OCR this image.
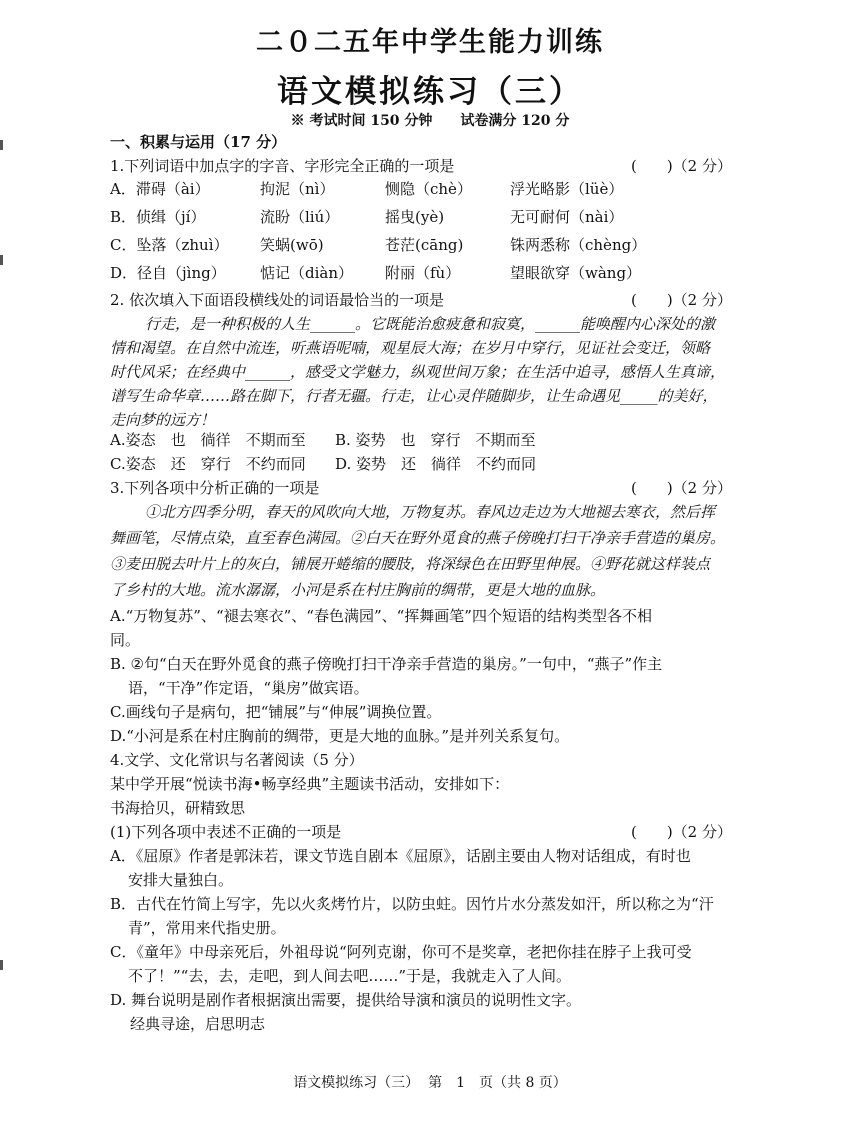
二０二五年中学生能力训练
语文模拟练习（三）
※ 考试时间 150 分钟　　试卷满分 120 分
一、积累与运用（17 分）
1.下列词语中加点字的字音、字形完全正确的一项是	(　　)（2 分）
A．滞碍（ài）	拘泥（nì）	恻隐（chè）	浮光略影（lüè）
B．侦缉（jí）	流盼（liú）	摇曳(yè)	无可耐何（nài）
C．坠落（zhuì） 笑蜗(wō)	苍茫(cāng)	铢两悉称（chèng）
D．径自（jìng） 惦记（diàn） 附丽（fù）	望眼欲穿（wàng）
2. 依次填入下面语段横线处的词语最恰当的一项是	(　　)（2 分）
行走，是一种积极的人生______。它既能治愈疲惫和寂寞，______能唤醒内心深处的激
情和渴望。在自然中流连，听燕语呢喃，观星辰大海；在岁月中穿行，见证社会变迁，领略
时代风采；在经典中______，感受文学魅力，纵观世间万象；在生活中追寻，感悟人生真谛，
谱写生命华章……路在脚下，行者无疆。行走，让心灵伴随脚步，让生命遇见_____的美好，
走向梦的远方！
A.姿态　也　徜徉　不期而至 B. 姿势　也　穿行　不期而至
C.姿态　还　穿行　不约而同 D. 姿势　还　徜徉　不约而同
3.下列各项中分析正确的一项是	(　　)（2 分）
①北方四季分明，春天的风吹向大地，万物复苏。春风边走边为大地褪去寒衣，然后挥
舞画笔，尽情点染，直至春色满园。②白天在野外觅食的燕子傍晚打扫干净亲手营造的巢房。
③麦田脱去叶片上的灰白，铺展开蜷缩的腰肢，将深绿色在田野里伸展。④野花就这样装点
了乡村的大地。流水潺潺，小河是系在村庄胸前的绸带，更是大地的血脉。
A.“万物复苏”、“褪去寒衣”、“春色满园”、“挥舞画笔”四个短语的结构类型各不相
同。
B. ②句“白天在野外觅食的燕子傍晚打扫干净亲手营造的巢房。”一句中，“燕子”作主
语，“干净”作定语，“巢房”做宾语。
C.画线句子是病句，把“铺展”与“伸展”调换位置。
D.“小河是系在村庄胸前的绸带，更是大地的血脉。”是并列关系复句。
4.文学、文化常识与名著阅读（5 分）
某中学开展“悦读书海•畅享经典”主题读书活动，安排如下：
书海拾贝，研精致思
(1)下列各项中表述不正确的一项是	(　　)（2 分）
A．《屈原》作者是郭沫若，课文节选自剧本《屈原》，话剧主要由人物对话组成，有时也
安排大量独白。
B．古代在竹简上写字，先以火炙烤竹片，以防虫蛀。因竹片水分蒸发如汗，所以称之为“汗
青”，常用来代指史册。
C．《童年》中母亲死后，外祖母说“阿列克谢，你可不是奖章，老把你挂在脖子上我可受
不了！”“去，去，走吧，到人间去吧……”于是，我就走入了人间。
D. 舞台说明是剧作者根据演出需要，提供给导演和演员的说明性文字。
经典寻途，启思明志
语文模拟练习（三）  第　1　页（共 8 页）
